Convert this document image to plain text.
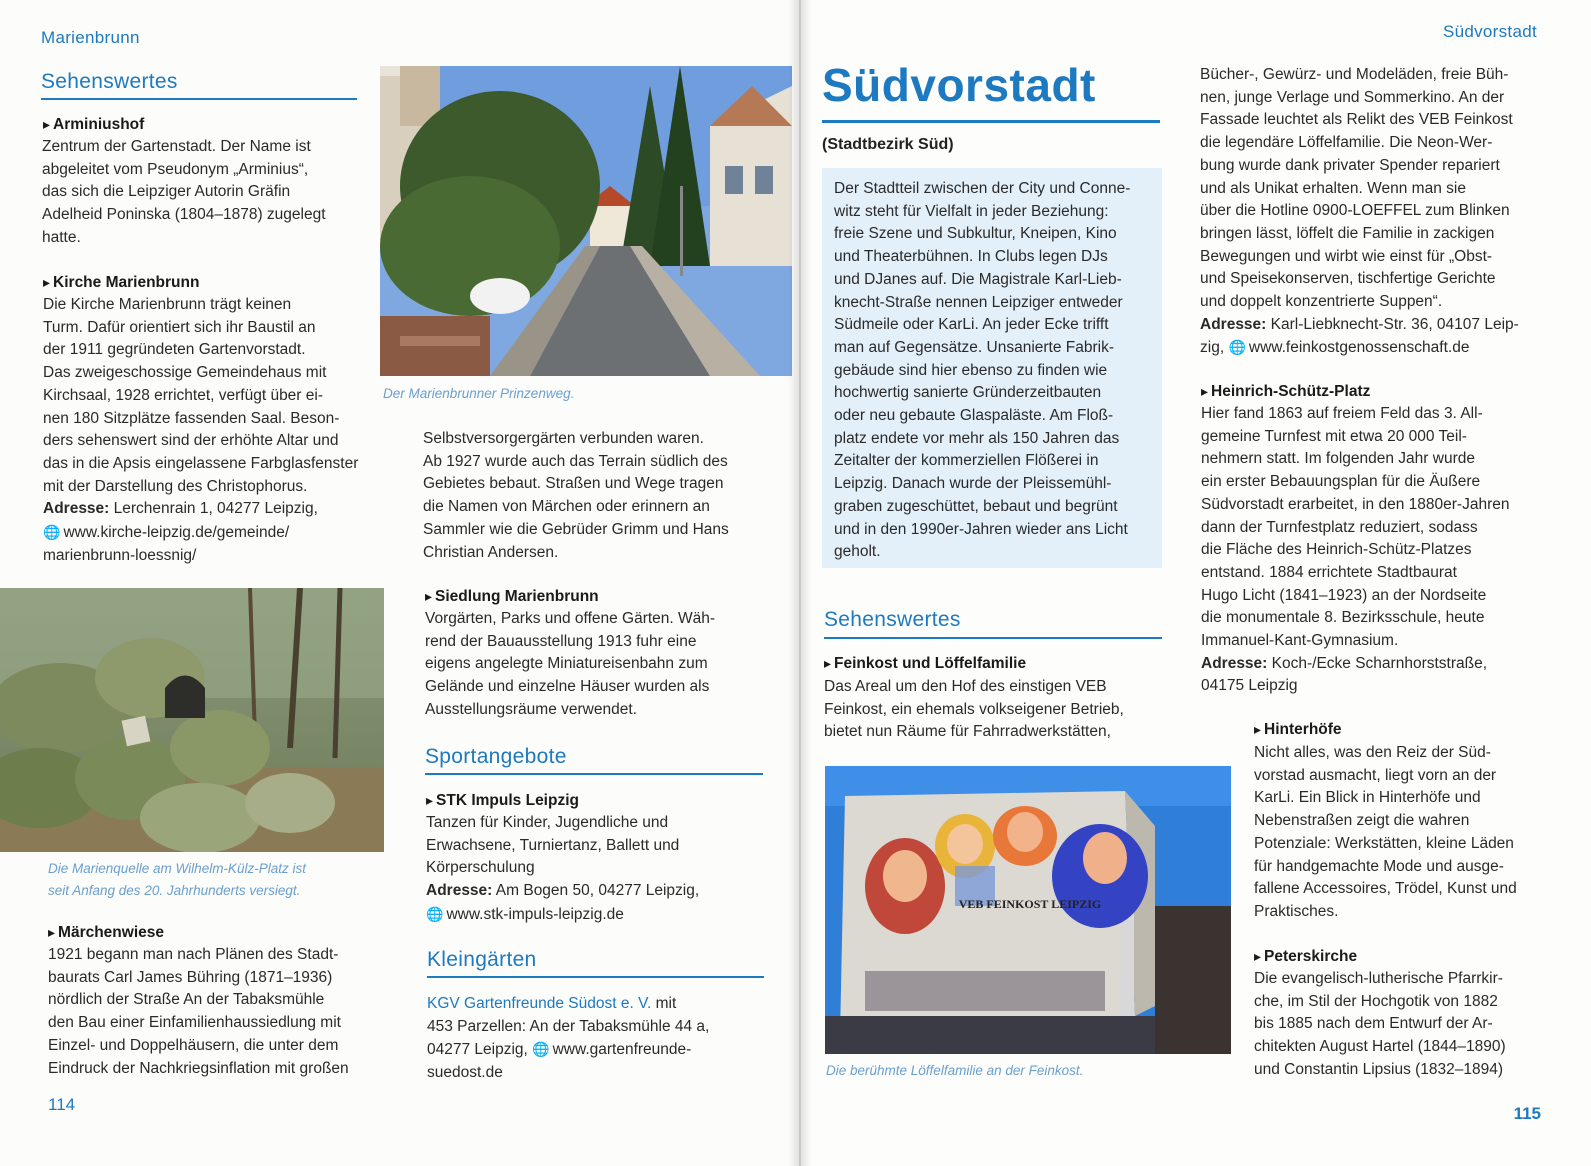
Marienbrunn
Sehenswertes
▸ Arminiushof

Zentrum der Gartenstadt. Der Name ist

abgeleitet vom Pseudonym „Arminius“,

das sich die Leipziger Autorin Gräfin

Adelheid Poninska (1804–1878) zugelegt

hatte.

▸ Kirche Marienbrunn

Die Kirche Marienbrunn trägt keinen

Turm. Dafür orientiert sich ihr Baustil an

der 1911 gegründeten Gartenvorstadt.

Das zweigeschossige Gemeindehaus mit

Kirchsaal, 1928 errichtet, verfügt über ei-

nen 180 Sitzplätze fassenden Saal. Beson-

ders sehenswert sind der erhöhte Altar und

das in die Apsis eingelassene Farbglasfenster

mit der Darstellung des Christophorus.

Adresse: Lerchenrain 1, 04277 Leipzig,

🌐 www.kirche-leipzig.de/gemeinde/

marienbrunn-loessnig/

Die Marienquelle am Wilhelm-Külz-Platz ist
seit Anfang des 20. Jahrhunderts versiegt.
▸ Märchenwiese

1921 begann man nach Plänen des Stadt-

baurats Carl James Bühring (1871–1936)

nördlich der Straße An der Tabaksmühle

den Bau einer Einfamilienhaussiedlung mit

Einzel- und Doppelhäusern, die unter dem

Eindruck der Nachkriegsinflation mit großen

114
Der Marienbrunner Prinzenweg.

Selbstversorgergärten verbunden waren.

Ab 1927 wurde auch das Terrain südlich des

Gebietes bebaut. Straßen und Wege tragen

die Namen von Märchen oder erinnern an

Sammler wie die Gebrüder Grimm und Hans

Christian Andersen.

▸ Siedlung Marienbrunn

Vorgärten, Parks und offene Gärten. Wäh-

rend der Bauausstellung 1913 fuhr eine

eigens angelegte Miniatureisenbahn zum

Gelände und einzelne Häuser wurden als

Ausstellungsräume verwendet.

Sportangebote
▸ STK Impuls Leipzig

Tanzen für Kinder, Jugendliche und

Erwachsene, Turniertanz, Ballett und

Körperschulung

Adresse: Am Bogen 50, 04277 Leipzig,

🌐 www.stk-impuls-leipzig.de

Kleingärten

KGV Gartenfreunde Südost e. V. mit

453 Parzellen: An der Tabaksmühle 44 a,

04277 Leipzig, 🌐 www.gartenfreunde-

suedost.de

Südvorstadt
Südvorstadt
(Stadtbezirk Süd)

Der Stadtteil zwischen der City und Conne-

witz steht für Vielfalt in jeder Beziehung:

freie Szene und Subkultur, Kneipen, Kino

und Theaterbühnen. In Clubs legen DJs

und DJanes auf. Die Magistrale Karl-Lieb-

knecht-Straße nennen Leipziger entweder

Südmeile oder KarLi. An jeder Ecke trifft

man auf Gegensätze. Unsanierte Fabrik-

gebäude sind hier ebenso zu finden wie

hochwertig sanierte Gründerzeitbauten

oder neu gebaute Glaspaläste. Am Floß-

platz endete vor mehr als 150 Jahren das

Zeitalter der kommerziellen Flößerei in

Leipzig. Danach wurde der Pleissemühl-

graben zugeschüttet, bebaut und begrünt

und in den 1990er-Jahren wieder ans Licht

geholt.

Sehenswertes
▸ Feinkost und Löffelfamilie

Das Areal um den Hof des einstigen VEB

Feinkost, ein ehemals volkseigener Betrieb,

bietet nun Räume für Fahrradwerkstätten,

VEB FEINKOST LEIPZIG
Die berühmte Löffelfamilie an der Feinkost.

Bücher-, Gewürz- und Modeläden, freie Büh-

nen, junge Verlage und Sommerkino. An der

Fassade leuchtet als Relikt des VEB Feinkost

die legendäre Löffelfamilie. Die Neon-Wer-

bung wurde dank privater Spender repariert

und als Unikat erhalten. Wenn man sie

über die Hotline 0900-LOEFFEL zum Blinken

bringen lässt, löffelt die Familie in zackigen

Bewegungen und wirbt wie einst für „Obst-

und Speisekonserven, tischfertige Gerichte

und doppelt konzentrierte Suppen“.

Adresse: Karl-Liebknecht-Str. 36, 04107 Leip-

zig, 🌐 www.feinkostgenossenschaft.de

▸ Heinrich-Schütz-Platz

Hier fand 1863 auf freiem Feld das 3. All-

gemeine Turnfest mit etwa 20 000 Teil-

nehmern statt. Im folgenden Jahr wurde

ein erster Bebauungsplan für die Äußere

Südvorstadt erarbeitet, in den 1880er-Jahren

dann der Turnfestplatz reduziert, sodass

die Fläche des Heinrich-Schütz-Platzes

entstand. 1884 errichtete Stadtbaurat

Hugo Licht (1841–1923) an der Nordseite

die monumentale 8. Bezirksschule, heute

Immanuel-Kant-Gymnasium.

Adresse: Koch-/Ecke Scharnhorststraße,

04175 Leipzig

▸ Hinterhöfe

Nicht alles, was den Reiz der Süd-

vorstad ausmacht, liegt vorn an der

KarLi. Ein Blick in Hinterhöfe und

Nebenstraßen zeigt die wahren

Potenziale: Werkstätten, kleine Läden

für handgemachte Mode und ausge-

fallene Accessoires, Trödel, Kunst und

Praktisches.

▸ Peterskirche

Die evangelisch-lutherische Pfarrkir-

che, im Stil der Hochgotik von 1882

bis 1885 nach dem Entwurf der Ar-

chitekten August Hartel (1844–1890)

und Constantin Lipsius (1832–1894)

115
